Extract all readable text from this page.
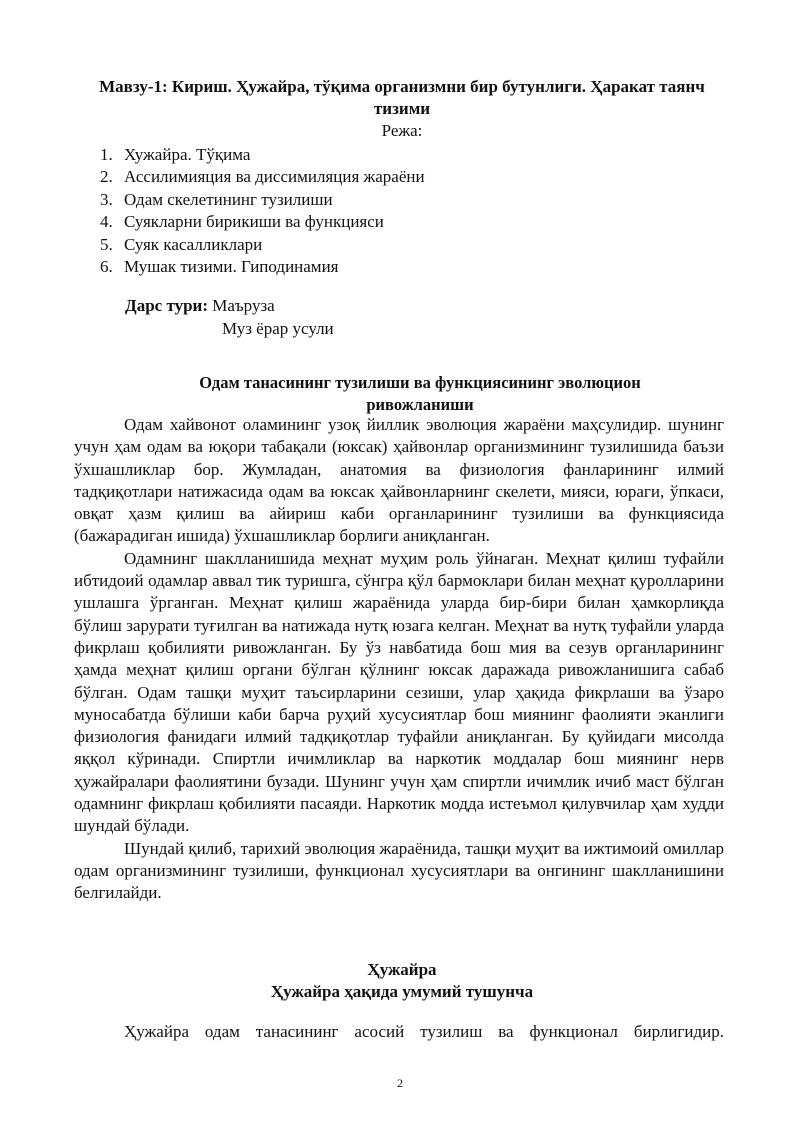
Мавзу-1: Кириш. Ҳужайра, тўқима организмни бир бутунлиги. Ҳаракат таянч тизими
Режа:
1. Хужайра. Тўқима
2. Ассилимияция ва диссимиляция жараёни
3. Одам скелетининг тузилиши
4. Суякларни бирикиши ва функцияси
5. Суяк касалликлари
6. Мушак тизими. Гиподинамия
Дарс тури: Маъруза
Муз ёрар усули
Одам танасининг тузилиши ва функциясининг эволюцион ривожланиши

Одам хайвонот оламининг узоқ йиллик эволюция жараёни маҳсулидир. шунинг учун ҳам одам ва юқори табақали (юксак) ҳайвонлар организмининг тузилишида баъзи ўхшашликлар бор. Жумладан, анатомия ва физиология фанларининг илмий тадқиқотлари натижасида одам ва юксак ҳайвонларнинг скелети, мияси, юраги, ўпкаси, овқат ҳазм қилиш ва айириш каби органларининг тузилиши ва функциясида (бажарадиган ишида) ўхшашликлар борлиги аниқланган.

Одамнинг шаклланишида меҳнат муҳим роль ўйнаган. Меҳнат қилиш туфайли ибтидоий одамлар аввал тик туришга, сўнгра қўл бармоклари билан меҳнат қуролларини ушлашга ўрганган. Меҳнат қилиш жараёнида уларда бир-бири билан ҳамкорлиқда бўлиш зарурати туғилган ва натижада нутқ юзага келган. Меҳнат ва нутқ туфайли уларда фикрлаш қобилияти ривожланган. Бу ўз навбатида бош мия ва сезув органларининг ҳамда меҳнат қилиш органи бўлган қўлнинг юксак даражада ривожланишига сабаб бўлган. Одам ташқи муҳит таъсирларини сезиши, улар ҳақида фикрлаши ва ўзаро муносабатда бўлиши каби барча руҳий хусусиятлар бош миянинг фаолияти эканлиги физиология фанидаги илмий тадқиқотлар туфайли аниқланган. Бу қуйидаги мисолда яққол кўринади. Спиртли ичимликлар ва наркотик моддалар бош миянинг нерв ҳужайралари фаолиятини бузади. Шунинг учун ҳам спиртли ичимлик ичиб маст бўлган одамнинг фикрлаш қобилияти пасаяди. Наркотик модда истеъмол қилувчилар ҳам худди шундай бўлади.

Шундай қилиб, тарихий эволюция жараёнида, ташқи муҳит ва ижтимоий омиллар одам организмининг тузилиши, функционал хусусиятлари ва онгининг шаклланишини белгилайди.

Ҳужайра
Ҳужайра ҳақида умумий тушунча

Ҳужайра одам танасининг асосий тузилиш ва функционал бирлигидир.

2
